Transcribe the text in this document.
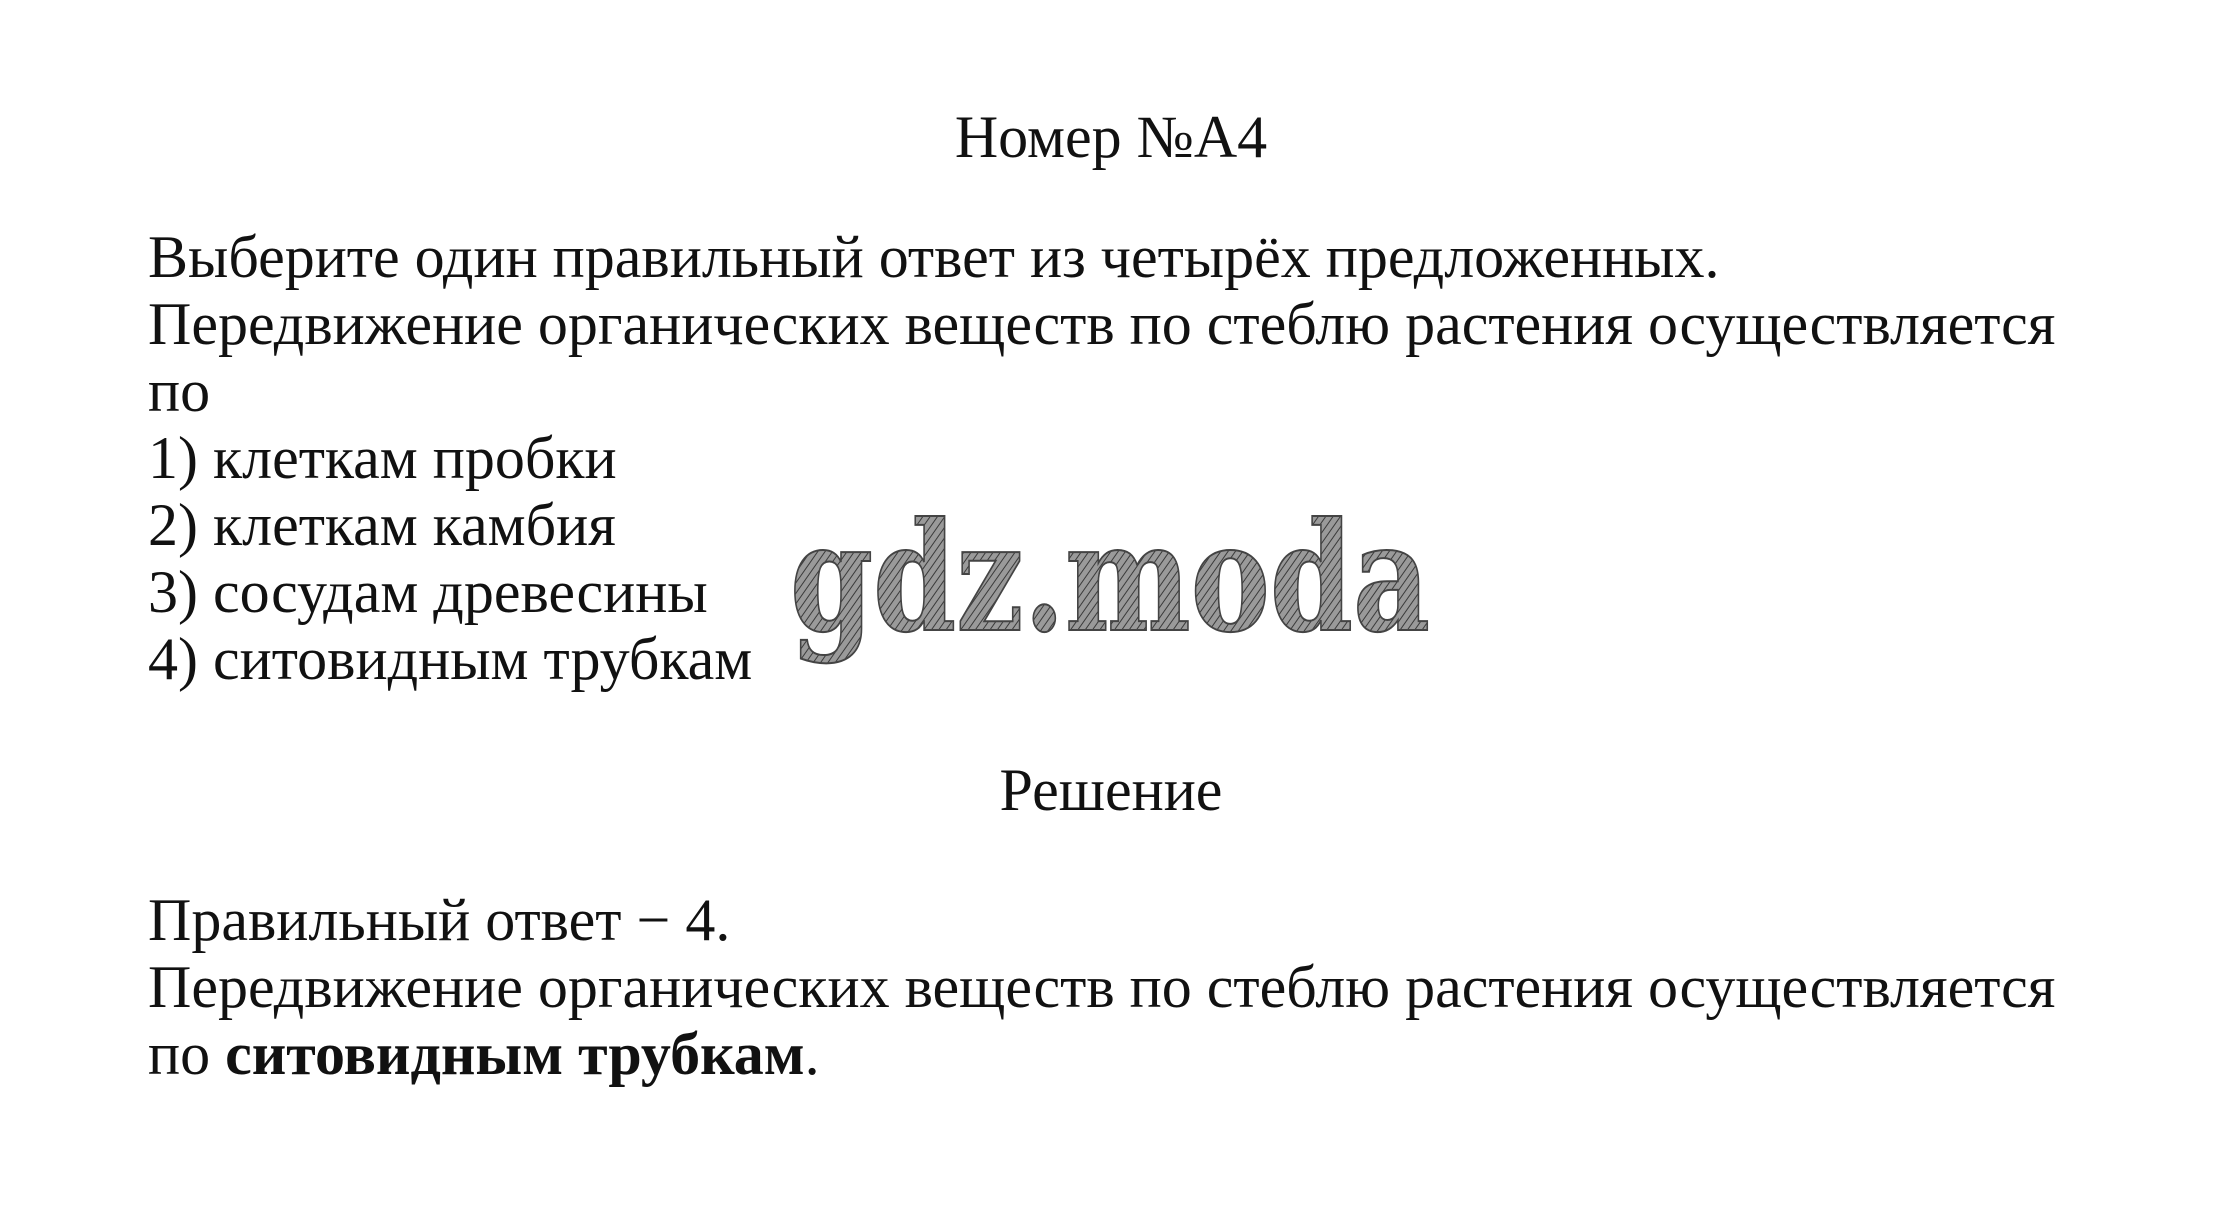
Номер №А4
Выберите один правильный ответ из четырёх предложенных.
Передвижение органических веществ по стеблю растения осуществляется
по
1) клеткам пробки
2) клеткам камбия
3) сосудам древесины
4) ситовидным трубкам gdz.moda
Решение
Правильный ответ − 4.
Передвижение органических веществ по стеблю растения осуществляется
по ситовидным трубкам.
